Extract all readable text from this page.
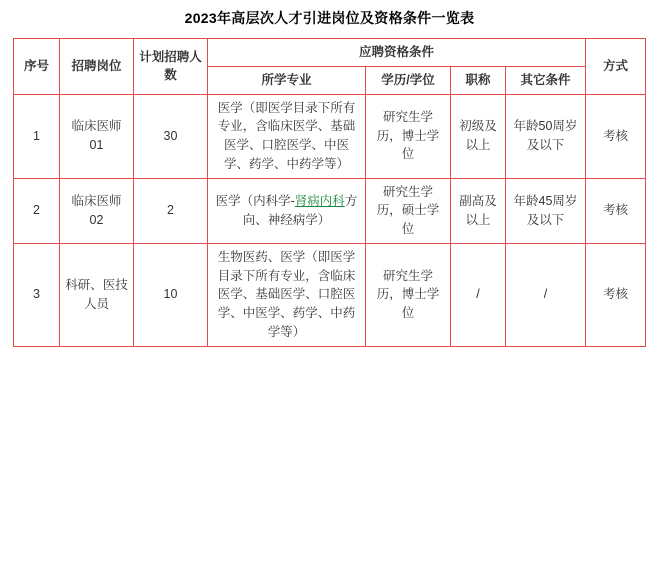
2023年高层次人才引进岗位及资格条件一览表
序号	招聘岗位	计划招聘人数	应聘资格条件				方式
			所学专业	学历/学位	职称	其它条件	
1	临床医师01	30	医学（即医学目录下所有专业，含临床医学、基础医学、口腔医学、中医学、药学、中药学等）	研究生学历，博士学位	初级及以上	年龄50周岁及以下	考核
2	临床医师02	2	医学（内科学-肾病内科方向、神经病学）	研究生学历，硕士学位	副高及以上	年龄45周岁及以下	考核
3	科研、医技人员	10	生物医药、医学（即医学目录下所有专业，含临床医学、基础医学、口腔医学、中医学、药学、中药学等）	研究生学历，博士学位	/	/	考核
